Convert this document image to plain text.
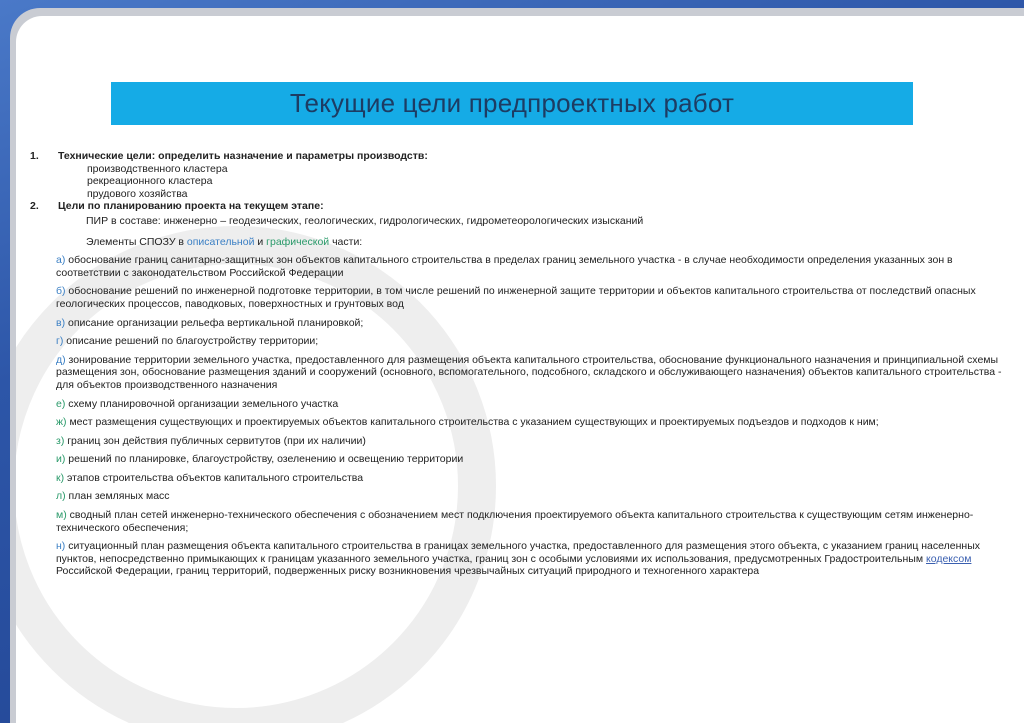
Текущие цели предпроектных работ
1.	Технические цели: определить назначение и параметры производств:
производственного кластера
рекреационного кластера
прудового хозяйства
2.	Цели по планированию проекта на текущем этапе:
ПИР в составе: инженерно – геодезических, геологических, гидрологических, гидрометеорологических изысканий
Элементы СПОЗУ в описательной и графической части:
а) обоснование границ санитарно-защитных зон объектов капитального строительства в пределах границ земельного участка - в случае необходимости определения указанных зон в соответствии с законодательством Российской Федерации
б) обоснование решений по инженерной подготовке территории, в том числе решений по инженерной защите территории и объектов капитального строительства от последствий опасных геологических процессов, паводковых, поверхностных и грунтовых вод
в) описание организации рельефа вертикальной планировкой;
г) описание решений по благоустройству территории;
д) зонирование территории земельного участка, предоставленного для размещения объекта капитального строительства, обоснование функционального назначения и принципиальной схемы размещения зон, обоснование размещения зданий и сооружений (основного, вспомогательного, подсобного, складского и обслуживающего назначения) объектов капитального строительства - для объектов производственного назначения
е) схему планировочной организации земельного участка
ж) мест размещения существующих и проектируемых объектов капитального строительства с указанием существующих и проектируемых подъездов и подходов к ним;
з) границ зон действия публичных сервитутов (при их наличии)
и) решений по планировке, благоустройству, озеленению и освещению территории
к) этапов строительства объектов капитального строительства
л) план земляных масс
м) сводный план сетей инженерно-технического обеспечения с обозначением мест подключения проектируемого объекта капитального строительства к существующим сетям инженерно-технического обеспечения;
н) ситуационный план размещения объекта капитального строительства в границах земельного участка, предоставленного для размещения этого объекта, с указанием границ населенных пунктов, непосредственно примыкающих к границам указанного земельного участка, границ зон с особыми условиями их использования, предусмотренных Градостроительным кодексом Российской Федерации, границ территорий, подверженных риску возникновения чрезвычайных ситуаций природного и техногенного характера
